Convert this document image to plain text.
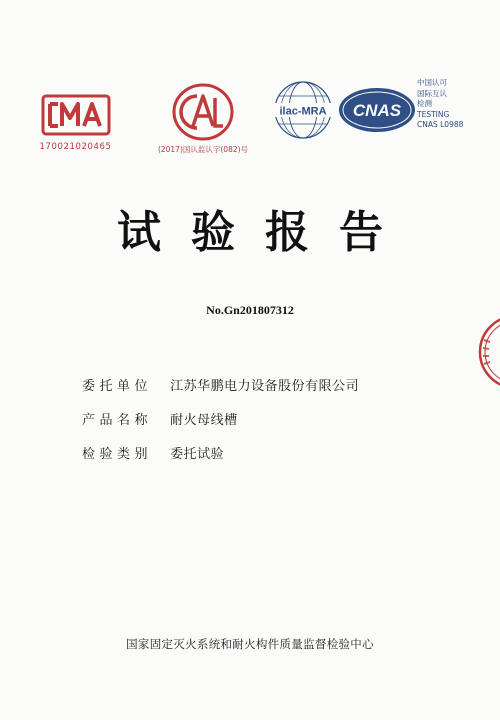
170021020465	(2017)国认监认字(082)号
ilac-MRA CNAS
中国认可
国际互认
检测
TESTING
CNAS L0988
试验报告
No.Gn201807312
委托单位 江苏华鹏电力设备股份有限公司
产品名称 耐火母线槽
检验类别 委托试验
国家固定灭火系统和耐火构件质量监督检验中心
